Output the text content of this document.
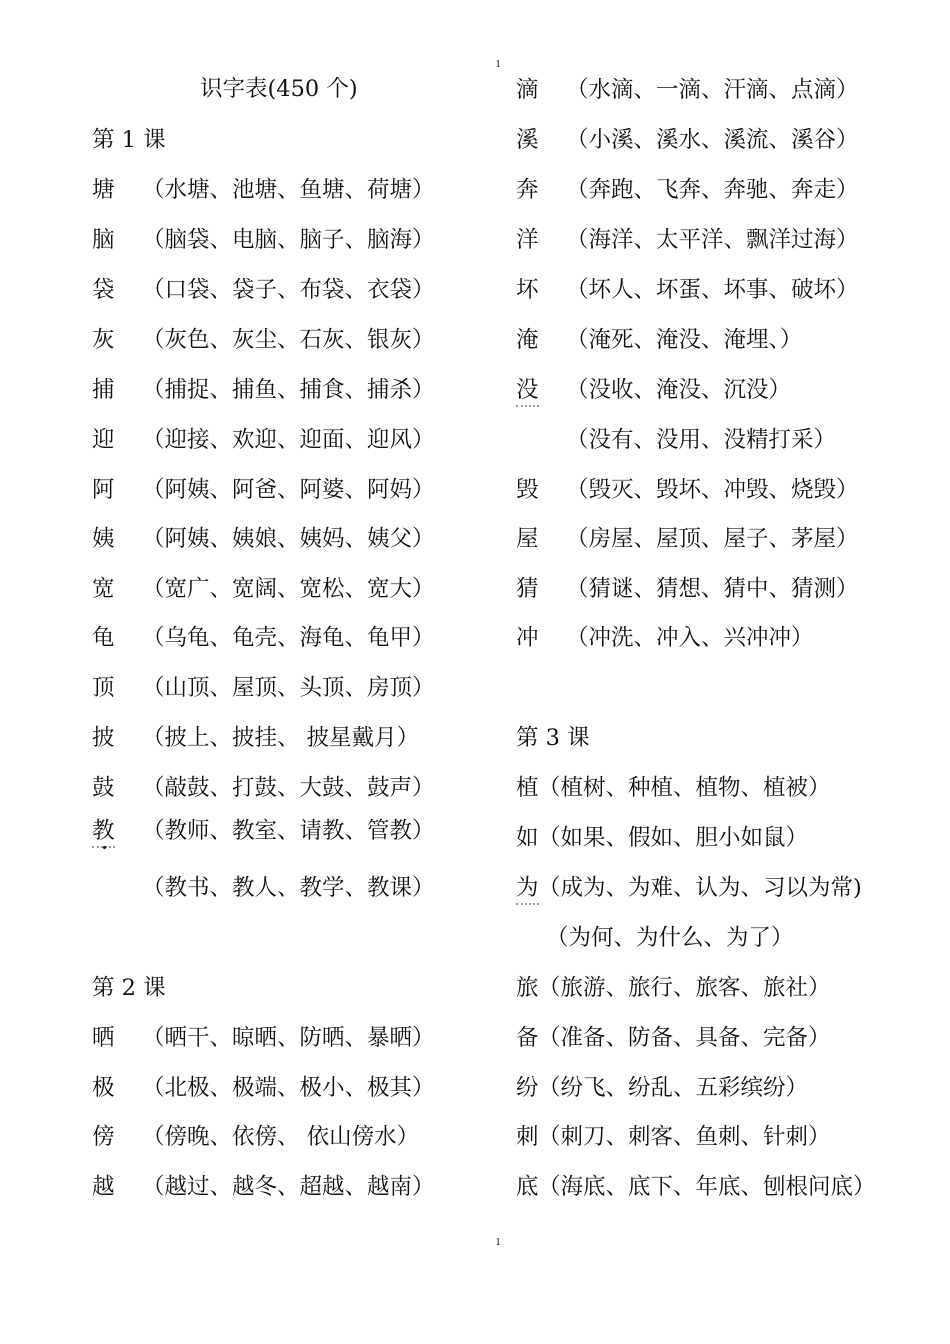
1
识字表(450 个)
第 1 课
塘 （水塘、池塘、鱼塘、荷塘）
脑 （脑袋、电脑、脑子、脑海）
袋 （口袋、袋子、布袋、衣袋）
灰 （灰色、灰尘、石灰、银灰）
捕 （捕捉、捕鱼、捕食、捕杀）
迎 （迎接、欢迎、迎面、迎风）
阿 （阿姨、阿爸、阿婆、阿妈）
姨 （阿姨、姨娘、姨妈、姨父）
宽 （宽广、宽阔、宽松、宽大）
龟 （乌龟、龟壳、海龟、龟甲）
顶 （山顶、屋顶、头顶、房顶）
披 （披上、披挂、 披星戴月）
鼓 （敲鼓、打鼓、大鼓、鼓声）
教 （教师、教室、请教、管教）
（教书、教人、教学、教课）
第 2 课
晒 （晒干、晾晒、防晒、暴晒）
极 （北极、极端、极小、极其）
傍 （傍晚、依傍、 依山傍水）
越 （越过、越冬、超越、越南）
滴 （水滴、一滴、汗滴、点滴）
溪 （小溪、溪水、溪流、溪谷）
奔 （奔跑、飞奔、奔驰、奔走）
洋 （海洋、太平洋、飘洋过海）
坏 （坏人、坏蛋、坏事、破坏）
淹 （淹死、淹没、淹埋、）
没 （没收、淹没、沉没）
（没有、没用、没精打采）
毁 （毁灭、毁坏、冲毁、烧毁）
屋 （房屋、屋顶、屋子、茅屋）
猜 （猜谜、猜想、猜中、猜测）
冲 （冲洗、冲入、兴冲冲）
第 3 课
植 （植树、种植、植物、植被）
如 （如果、假如、胆小如鼠）
为 （成为、为难、认为、习以为常)
（为何、为什么、为了）
旅 （旅游、旅行、旅客、旅社）
备 （准备、防备、具备、完备）
纷 （纷飞、纷乱、五彩缤纷）
刺 （刺刀、刺客、鱼刺、针刺）
底 （海底、底下、年底、刨根问底）
1
